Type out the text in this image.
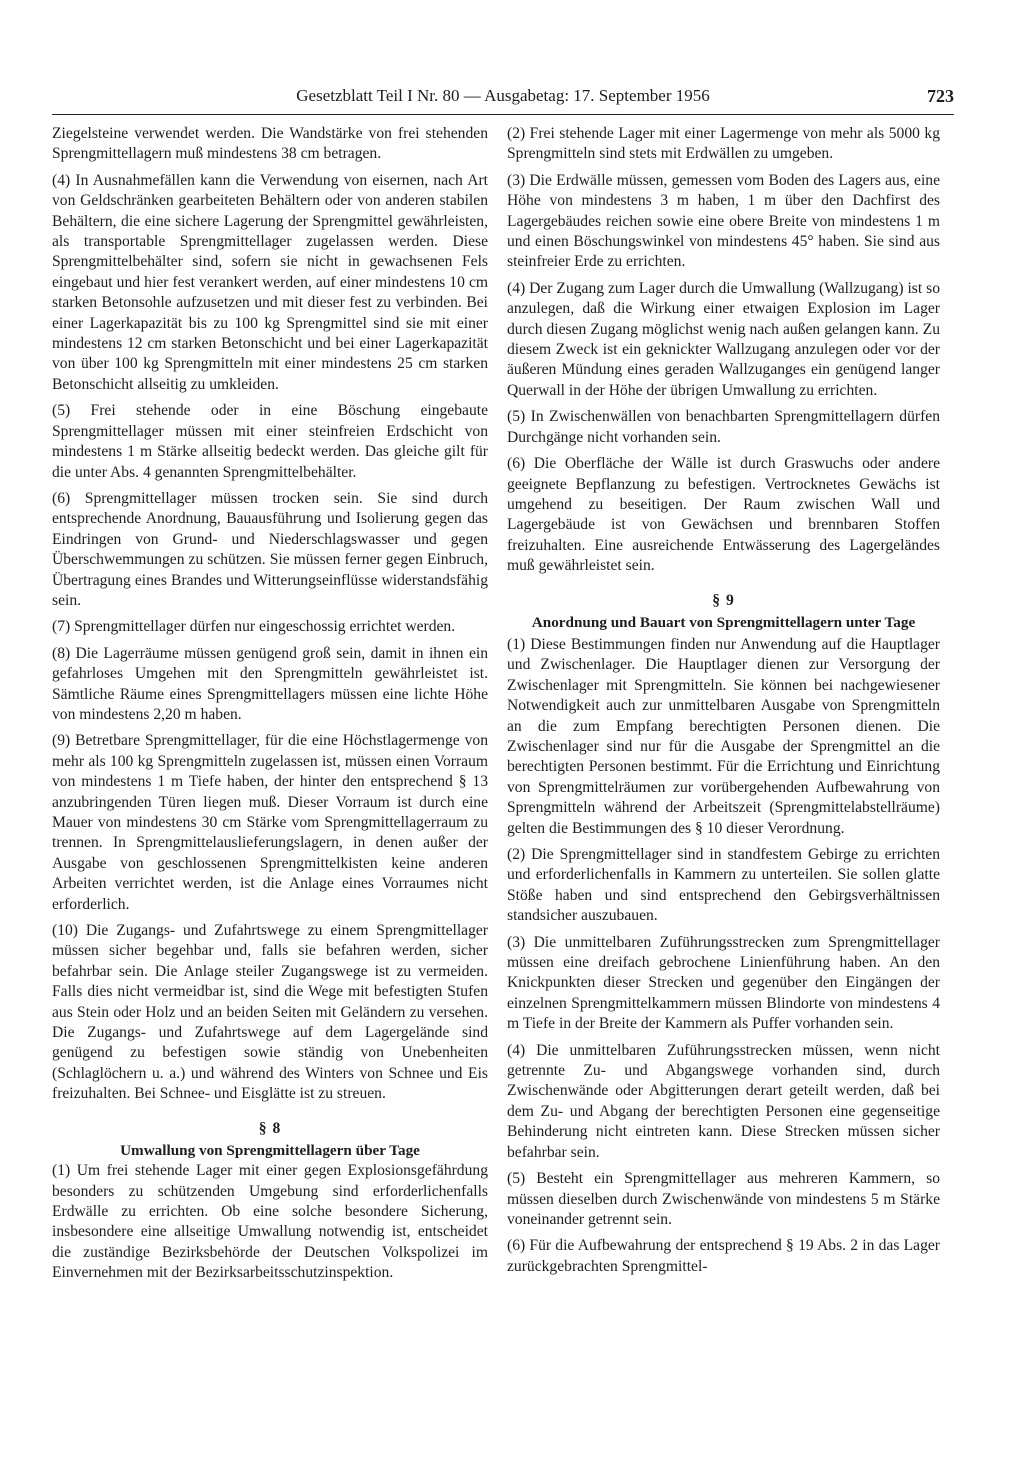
Gesetzblatt Teil I Nr. 80 — Ausgabetag: 17. September 1956	723

Ziegelsteine verwendet werden. Die Wandstärke von frei stehenden Sprengmittellagern muß mindestens 38 cm betragen.

(4) In Ausnahmefällen kann die Verwendung von eisernen, nach Art von Geldschränken gearbeiteten Behältern oder von anderen stabilen Behältern, die eine sichere Lagerung der Sprengmittel gewährleisten, als transportable Sprengmittellager zugelassen werden. Diese Sprengmittelbehälter sind, sofern sie nicht in gewachsenen Fels eingebaut und hier fest verankert werden, auf einer mindestens 10 cm starken Betonsohle aufzusetzen und mit dieser fest zu verbinden. Bei einer Lagerkapazität bis zu 100 kg Sprengmittel sind sie mit einer mindestens 12 cm starken Betonschicht und bei einer Lagerkapazität von über 100 kg Sprengmitteln mit einer mindestens 25 cm starken Betonschicht allseitig zu umkleiden.

(5) Frei stehende oder in eine Böschung eingebaute Sprengmittellager müssen mit einer steinfreien Erdschicht von mindestens 1 m Stärke allseitig bedeckt werden. Das gleiche gilt für die unter Abs. 4 genannten Sprengmittelbehälter.

(6) Sprengmittellager müssen trocken sein. Sie sind durch entsprechende Anordnung, Bauausführung und Isolierung gegen das Eindringen von Grund- und Niederschlagswasser und gegen Überschwemmungen zu schützen. Sie müssen ferner gegen Einbruch, Übertragung eines Brandes und Witterungseinflüsse widerstandsfähig sein.

(7) Sprengmittellager dürfen nur eingeschossig errichtet werden.

(8) Die Lagerräume müssen genügend groß sein, damit in ihnen ein gefahrloses Umgehen mit den Sprengmitteln gewährleistet ist. Sämtliche Räume eines Sprengmittellagers müssen eine lichte Höhe von mindestens 2,20 m haben.

(9) Betretbare Sprengmittellager, für die eine Höchstlagermenge von mehr als 100 kg Sprengmitteln zugelassen ist, müssen einen Vorraum von mindestens 1 m Tiefe haben, der hinter den entsprechend § 13 anzubringenden Türen liegen muß. Dieser Vorraum ist durch eine Mauer von mindestens 30 cm Stärke vom Sprengmittellagerraum zu trennen. In Sprengmittelauslieferungslagern, in denen außer der Ausgabe von geschlossenen Sprengmittelkisten keine anderen Arbeiten verrichtet werden, ist die Anlage eines Vorraumes nicht erforderlich.

(10) Die Zugangs- und Zufahrtswege zu einem Sprengmittellager müssen sicher begehbar und, falls sie befahren werden, sicher befahrbar sein. Die Anlage steiler Zugangswege ist zu vermeiden. Falls dies nicht vermeidbar ist, sind die Wege mit befestigten Stufen aus Stein oder Holz und an beiden Seiten mit Geländern zu versehen. Die Zugangs- und Zufahrtswege auf dem Lagergelände sind genügend zu befestigen sowie ständig von Unebenheiten (Schlaglöchern u. a.) und während des Winters von Schnee und Eis freizuhalten. Bei Schnee- und Eisglätte ist zu streuen.

§ 8
Umwallung von Sprengmittellagern über Tage

(1) Um frei stehende Lager mit einer gegen Explosionsgefährdung besonders zu schützenden Umgebung sind erforderlichenfalls Erdwälle zu errichten. Ob eine solche besondere Sicherung, insbesondere eine allseitige Umwallung notwendig ist, entscheidet die zuständige Bezirksbehörde der Deutschen Volkspolizei im Einvernehmen mit der Bezirksarbeitsschutzinspektion.

(2) Frei stehende Lager mit einer Lagermenge von mehr als 5000 kg Sprengmitteln sind stets mit Erdwällen zu umgeben.

(3) Die Erdwälle müssen, gemessen vom Boden des Lagers aus, eine Höhe von mindestens 3 m haben, 1 m über den Dachfirst des Lagergebäudes reichen sowie eine obere Breite von mindestens 1 m und einen Böschungswinkel von mindestens 45° haben. Sie sind aus steinfreier Erde zu errichten.

(4) Der Zugang zum Lager durch die Umwallung (Wallzugang) ist so anzulegen, daß die Wirkung einer etwaigen Explosion im Lager durch diesen Zugang möglichst wenig nach außen gelangen kann. Zu diesem Zweck ist ein geknickter Wallzugang anzulegen oder vor der äußeren Mündung eines geraden Wallzuganges ein genügend langer Querwall in der Höhe der übrigen Umwallung zu errichten.

(5) In Zwischenwällen von benachbarten Sprengmittellagern dürfen Durchgänge nicht vorhanden sein.

(6) Die Oberfläche der Wälle ist durch Graswuchs oder andere geeignete Bepflanzung zu befestigen. Vertrocknetes Gewächs ist umgehend zu beseitigen. Der Raum zwischen Wall und Lagergebäude ist von Gewächsen und brennbaren Stoffen freizuhalten. Eine ausreichende Entwässerung des Lagergeländes muß gewährleistet sein.

§ 9
Anordnung und Bauart von Sprengmittellagern unter Tage

(1) Diese Bestimmungen finden nur Anwendung auf die Hauptlager und Zwischenlager. Die Hauptlager dienen zur Versorgung der Zwischenlager mit Sprengmitteln. Sie können bei nachgewiesener Notwendigkeit auch zur unmittelbaren Ausgabe von Sprengmitteln an die zum Empfang berechtigten Personen dienen. Die Zwischenlager sind nur für die Ausgabe der Sprengmittel an die berechtigten Personen bestimmt. Für die Errichtung und Einrichtung von Sprengmittelräumen zur vorübergehenden Aufbewahrung von Sprengmitteln während der Arbeitszeit (Sprengmittelabstellräume) gelten die Bestimmungen des § 10 dieser Verordnung.

(2) Die Sprengmittellager sind in standfestem Gebirge zu errichten und erforderlichenfalls in Kammern zu unterteilen. Sie sollen glatte Stöße haben und sind entsprechend den Gebirgsverhältnissen standsicher auszubauen.

(3) Die unmittelbaren Zuführungsstrecken zum Sprengmittellager müssen eine dreifach gebrochene Linienführung haben. An den Knickpunkten dieser Strecken und gegenüber den Eingängen der einzelnen Sprengmittelkammern müssen Blindorte von mindestens 4 m Tiefe in der Breite der Kammern als Puffer vorhanden sein.

(4) Die unmittelbaren Zuführungsstrecken müssen, wenn nicht getrennte Zu- und Abgangswege vorhanden sind, durch Zwischenwände oder Abgitterungen derart geteilt werden, daß bei dem Zu- und Abgang der berechtigten Personen eine gegenseitige Behinderung nicht eintreten kann. Diese Strecken müssen sicher befahrbar sein.

(5) Besteht ein Sprengmittellager aus mehreren Kammern, so müssen dieselben durch Zwischenwände von mindestens 5 m Stärke voneinander getrennt sein.

(6) Für die Aufbewahrung der entsprechend § 19 Abs. 2 in das Lager zurückgebrachten Sprengmittel-
